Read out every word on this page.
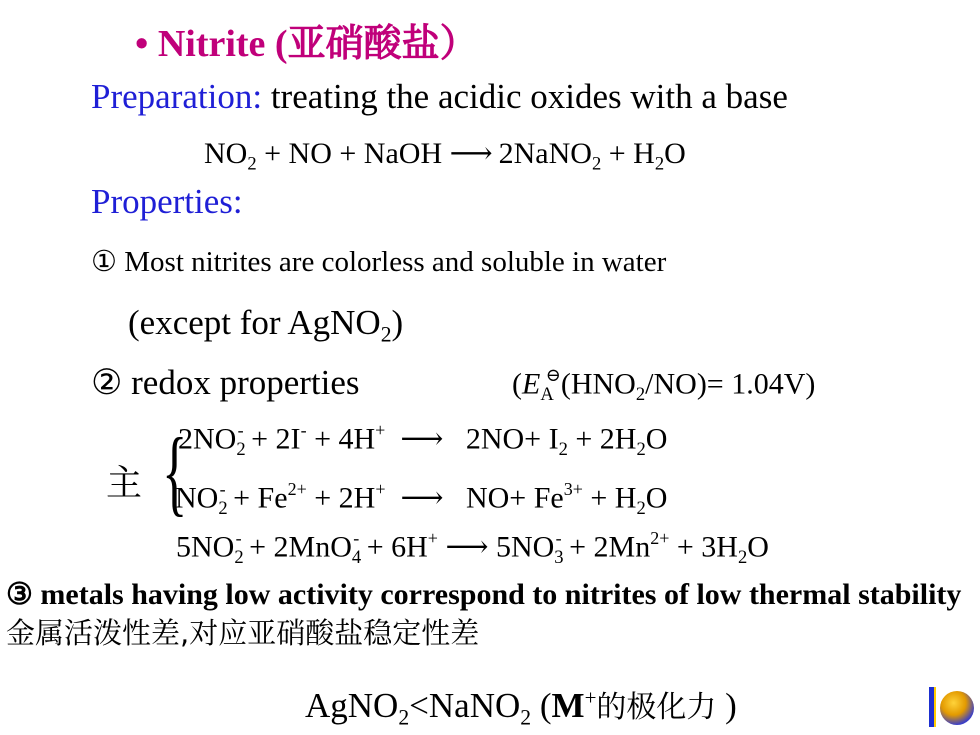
• Nitrite (亚硝酸盐）
Preparation: treating the acidic oxides with a base
$NO_2$ + NO + NaOH ⟶ 2NaNO$_2$ + $H_2O$
Properties:
① Most nitrites are colorless and soluble in water
(except for AgNO$_2$)
② redox properties	$(E_A^⊖(HNO_2/NO)= 1.04V)$
主 {
$2NO_2^- + 2I^- + 4H^+$  ⟶   $2NO+ I_2 + 2H_2O$
$NO_2^- + Fe^{2+} + 2H^+$  ⟶   $NO+ Fe^{3+} + H_2O$
$5NO_2^- + 2MnO_4^- + 6H^+$ ⟶ $5NO_3^- + 2Mn^{2+} + 3H_2O$
③ metals having low activity correspond to nitrites of low thermal stability 金属活泼性差,对应亚硝酸盐稳定性差
AgNO$_2$<NaNO$_2$ (M+的极化力 )
